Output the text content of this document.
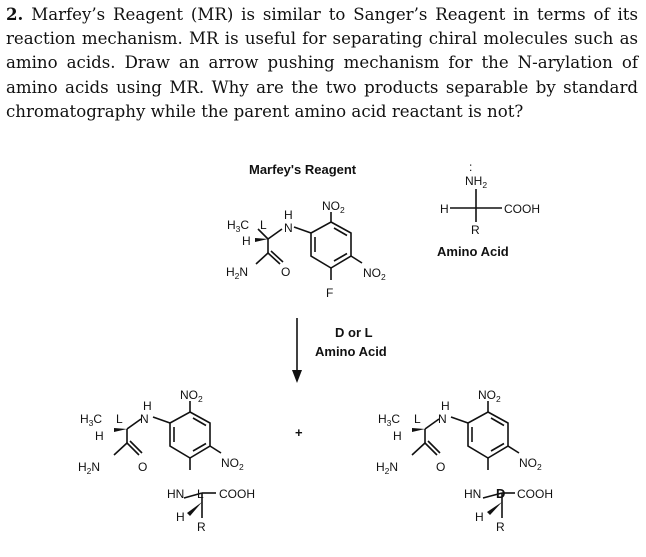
2. Marfey’s Reagent (MR) is similar to Sanger’s Reagent in terms of its reaction mechanism. MR is useful for separating chiral molecules such as amino acids. Draw an arrow pushing mechanism for the N-arylation of amino acids using MR. Why are the two products separable by standard chromatography while the parent amino acid reactant is not?

Marfey's Reagent
$NO_2$
$NO_2$
F
H
N
$H_3C$ L
H
$H_2N$	O
:
$NH_2$
H	COOH
R
Amino Acid
D or L
Amino Acid
+
$NO_2$
$NO_2$
H
N
$H_3C$ L
H
$H_2N$	O
HN L COOH
H
R
$NO_2$
$NO_2$
H
N
$H_3C$ L
H
$H_2N$	O
HN D COOH
H
R
